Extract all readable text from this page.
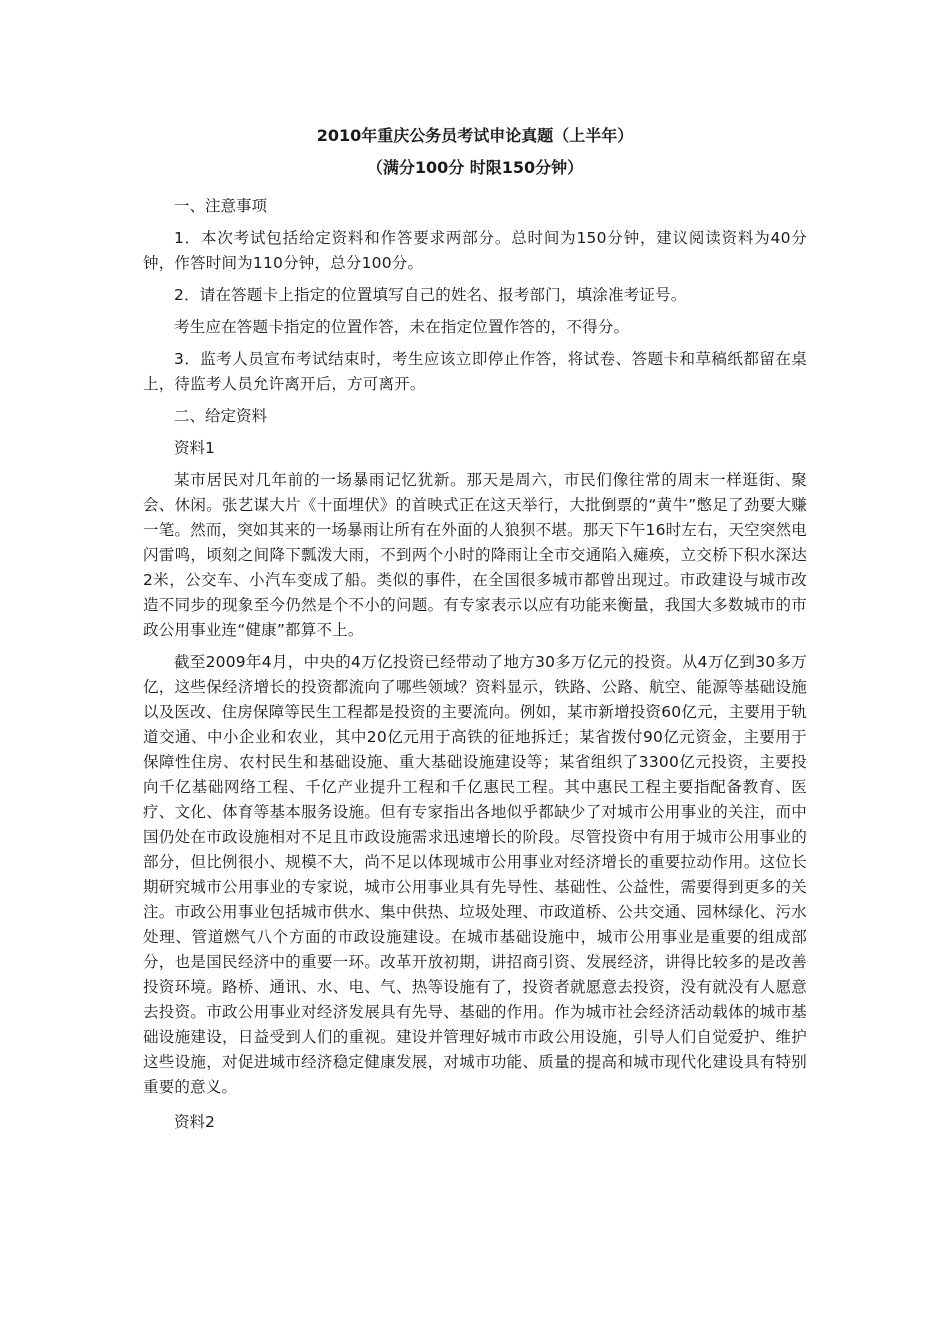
2010年重庆公务员考试申论真题（上半年）

（满分100分 时限150分钟）

一、注意事项

1．本次考试包括给定资料和作答要求两部分。总时间为150分钟，建议阅读资料为40分钟，作答时间为110分钟，总分100分。

2．请在答题卡上指定的位置填写自己的姓名、报考部门，填涂准考证号。

考生应在答题卡指定的位置作答，未在指定位置作答的，不得分。

3．监考人员宣布考试结束时，考生应该立即停止作答，将试卷、答题卡和草稿纸都留在桌上，待监考人员允许离开后，方可离开。

二、给定资料

资料1

某市居民对几年前的一场暴雨记忆犹新。那天是周六，市民们像往常的周末一样逛街、聚会、休闲。张艺谋大片《十面埋伏》的首映式正在这天举行，大批倒票的“黄牛”憋足了劲要大赚一笔。然而，突如其来的一场暴雨让所有在外面的人狼狈不堪。那天下午16时左右，天空突然电闪雷鸣，顷刻之间降下瓢泼大雨，不到两个小时的降雨让全市交通陷入瘫痪，立交桥下积水深达2米，公交车、小汽车变成了船。类似的事件，在全国很多城市都曾出现过。市政建设与城市改造不同步的现象至今仍然是个不小的问题。有专家表示以应有功能来衡量，我国大多数城市的市政公用事业连“健康”都算不上。

截至2009年4月，中央的4万亿投资已经带动了地方30多万亿元的投资。从4万亿到30多万亿，这些保经济增长的投资都流向了哪些领域？资料显示，铁路、公路、航空、能源等基础设施以及医改、住房保障等民生工程都是投资的主要流向。例如，某市新增投资60亿元，主要用于轨道交通、中小企业和农业，其中20亿元用于高铁的征地拆迁；某省拨付90亿元资金，主要用于保障性住房、农村民生和基础设施、重大基础设施建设等；某省组织了3300亿元投资，主要投向千亿基础网络工程、千亿产业提升工程和千亿惠民工程。其中惠民工程主要指配备教育、医疗、文化、体育等基本服务设施。但有专家指出各地似乎都缺少了对城市公用事业的关注，而中国仍处在市政设施相对不足且市政设施需求迅速增长的阶段。尽管投资中有用于城市公用事业的部分，但比例很小、规模不大，尚不足以体现城市公用事业对经济增长的重要拉动作用。这位长期研究城市公用事业的专家说，城市公用事业具有先导性、基础性、公益性，需要得到更多的关注。市政公用事业包括城市供水、集中供热、垃圾处理、市政道桥、公共交通、园林绿化、污水处理、管道燃气八个方面的市政设施建设。在城市基础设施中，城市公用事业是重要的组成部分，也是国民经济中的重要一环。改革开放初期，讲招商引资、发展经济，讲得比较多的是改善投资环境。路桥、通讯、水、电、气、热等设施有了，投资者就愿意去投资，没有就没有人愿意去投资。市政公用事业对经济发展具有先导、基础的作用。作为城市社会经济活动载体的城市基础设施建设，日益受到人们的重视。建设并管理好城市市政公用设施，引导人们自觉爱护、维护这些设施，对促进城市经济稳定健康发展，对城市功能、质量的提高和城市现代化建设具有特别重要的意义。

资料2
